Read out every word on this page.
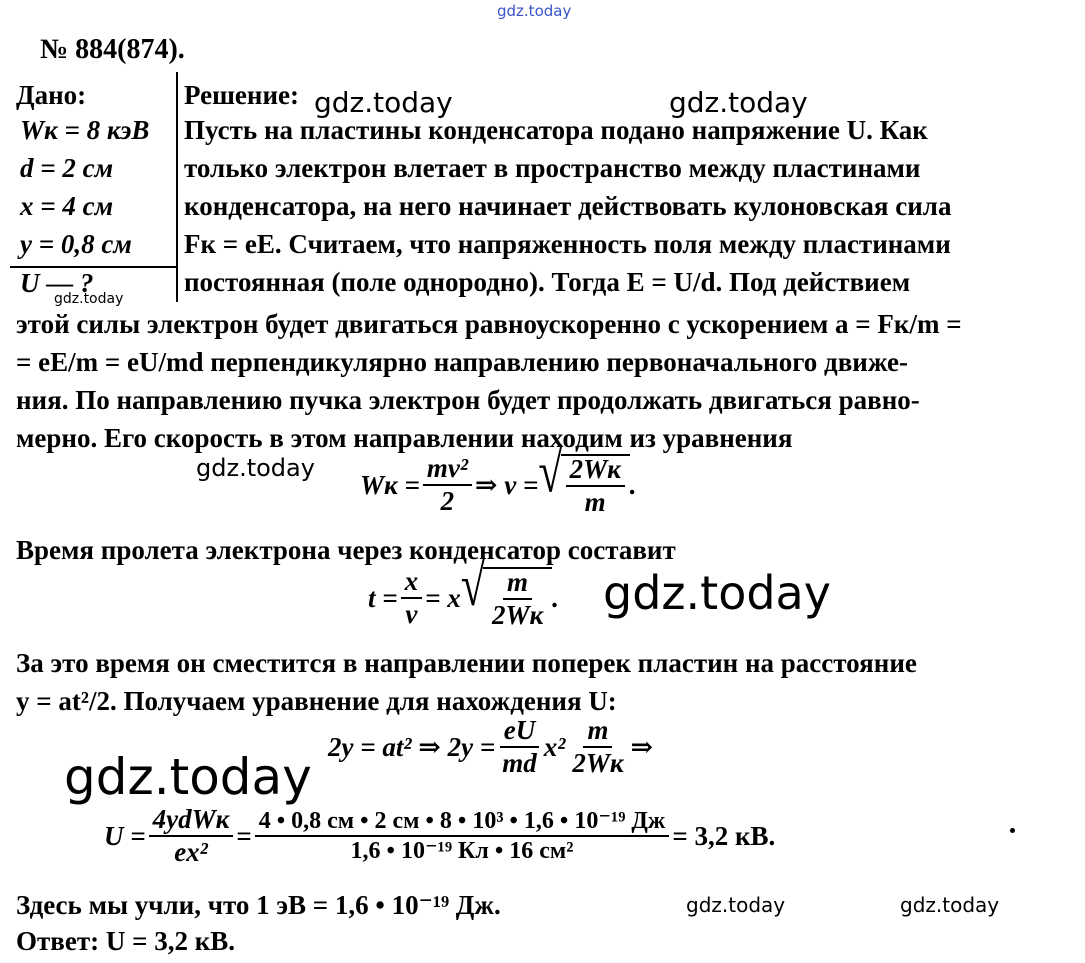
gdz.today
gdz.today	gdz.today
gdz.today
gdz.today
gdz.today
gdz.today
gdz.today	gdz.today
№ 884(874).
Дано:
Wк = 8 кэВ
d = 2 см
x = 4 см
y = 0,8 см
U — ?
Решение:
Пусть на пластины конденсатора подано напряжение U. Как
только электрон влетает в пространство между пластинами
конденсатора, на него начинает действовать кулоновская сила
Fк = eE. Считаем, что напряженность поля между пластинами
постоянная (поле однородно). Тогда E = U/d. Под действием
этой силы электрон будет двигаться равноускоренно с ускорением a = Fк/m =
= eE/m = eU/md перпендикулярно направлению первоначального движе-
ния. По направлению пучка электрон будет продолжать двигаться равно-
мерно. Его скорость в этом направлении находим из уравнения
Wк = $\frac{\text{mv²}}{2}$ ⇒ v = √ $\frac{2Wк}{m}$ .
Время пролета электрона через конденсатор составит
$t = \frac{x}{v} = x$ √ $\frac{m}{2Wк}$ .
За это время он сместится в направлении поперек пластин на расстояние
y = at²/2. Получаем уравнение для нахождения U:
2y = at² ⇒ $2y = \frac{eU}{md} x^2 \frac{m}{2Wк}$ ⇒
$U = \frac{\text{4ydWк}}{\text{ex²}} = \frac{\text{4 • 0,8 см • 2 см • 8 • 10³ • 1,6 • 10⁻¹⁹ Дж}}{\text{1,6 • 10⁻¹⁹ Кл • 16 см²}} = 3,2$ кВ.
Здесь мы учли, что 1 эВ = 1,6 • 10⁻¹⁹ Дж.
Ответ: U = 3,2 кВ.
